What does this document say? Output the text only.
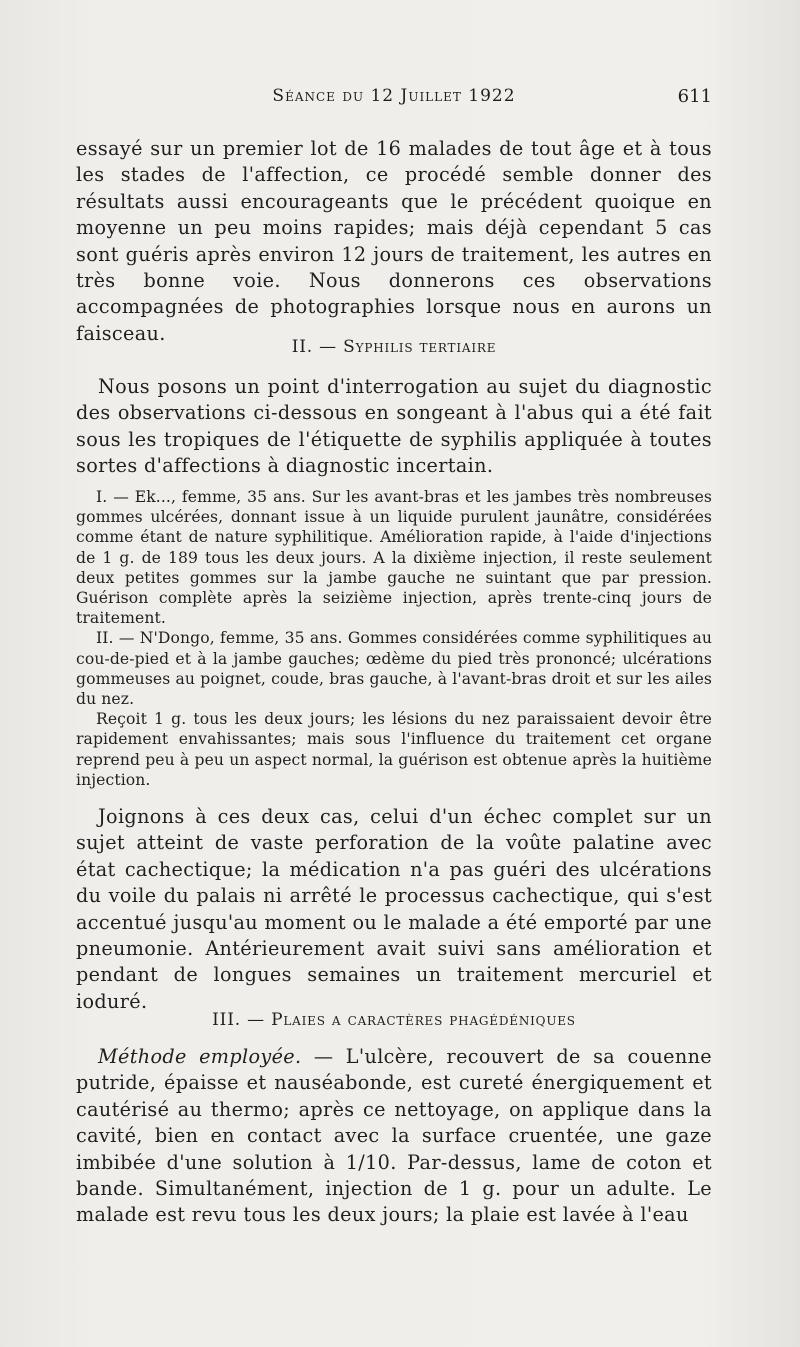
Séance du 12 Juillet 1922	611

essayé sur un premier lot de 16 malades de tout âge et à tous les stades de l'affection, ce procédé semble donner des résultats aussi encourageants que le précédent quoique en moyenne un peu moins rapides; mais déjà cependant 5 cas sont guéris après environ 12 jours de traitement, les autres en très bonne voie. Nous donnerons ces observations accompagnées de photographies lorsque nous en aurons un faisceau.

II. — Syphilis tertiaire

Nous posons un point d'interrogation au sujet du diagnostic des observations ci-dessous en songeant à l'abus qui a été fait sous les tropiques de l'étiquette de syphilis appliquée à toutes sortes d'affections à diagnostic incertain.

I. — Ek..., femme, 35 ans. Sur les avant-bras et les jambes très nombreuses gommes ulcérées, donnant issue à un liquide purulent jaunâtre, considérées comme étant de nature syphilitique. Amélioration rapide, à l'aide d'injections de 1 g. de 189 tous les deux jours. A la dixième injection, il reste seulement deux petites gommes sur la jambe gauche ne suintant que par pression. Guérison complète après la seizième injection, après trente-cinq jours de traitement.

II. — N'Dongo, femme, 35 ans. Gommes considérées comme syphilitiques au cou-de-pied et à la jambe gauches; œdème du pied très prononcé; ulcérations gommeuses au poignet, coude, bras gauche, à l'avant-bras droit et sur les ailes du nez.

Reçoit 1 g. tous les deux jours; les lésions du nez paraissaient devoir être rapidement envahissantes; mais sous l'influence du traitement cet organe reprend peu à peu un aspect normal, la guérison est obtenue après la huitième injection.

Joignons à ces deux cas, celui d'un échec complet sur un sujet atteint de vaste perforation de la voûte palatine avec état cachectique; la médication n'a pas guéri des ulcérations du voile du palais ni arrêté le processus cachectique, qui s'est accentué jusqu'au moment ou le malade a été emporté par une pneumonie. Antérieurement avait suivi sans amélioration et pendant de longues semaines un traitement mercuriel et ioduré.

III. — Plaies a caractères phagédéniques

Méthode employée. — L'ulcère, recouvert de sa couenne putride, épaisse et nauséabonde, est cureté énergiquement et cautérisé au thermo; après ce nettoyage, on applique dans la cavité, bien en contact avec la surface cruentée, une gaze imbibée d'une solution à 1/10. Par-dessus, lame de coton et bande. Simultanément, injection de 1 g. pour un adulte. Le malade est revu tous les deux jours; la plaie est lavée à l'eau
